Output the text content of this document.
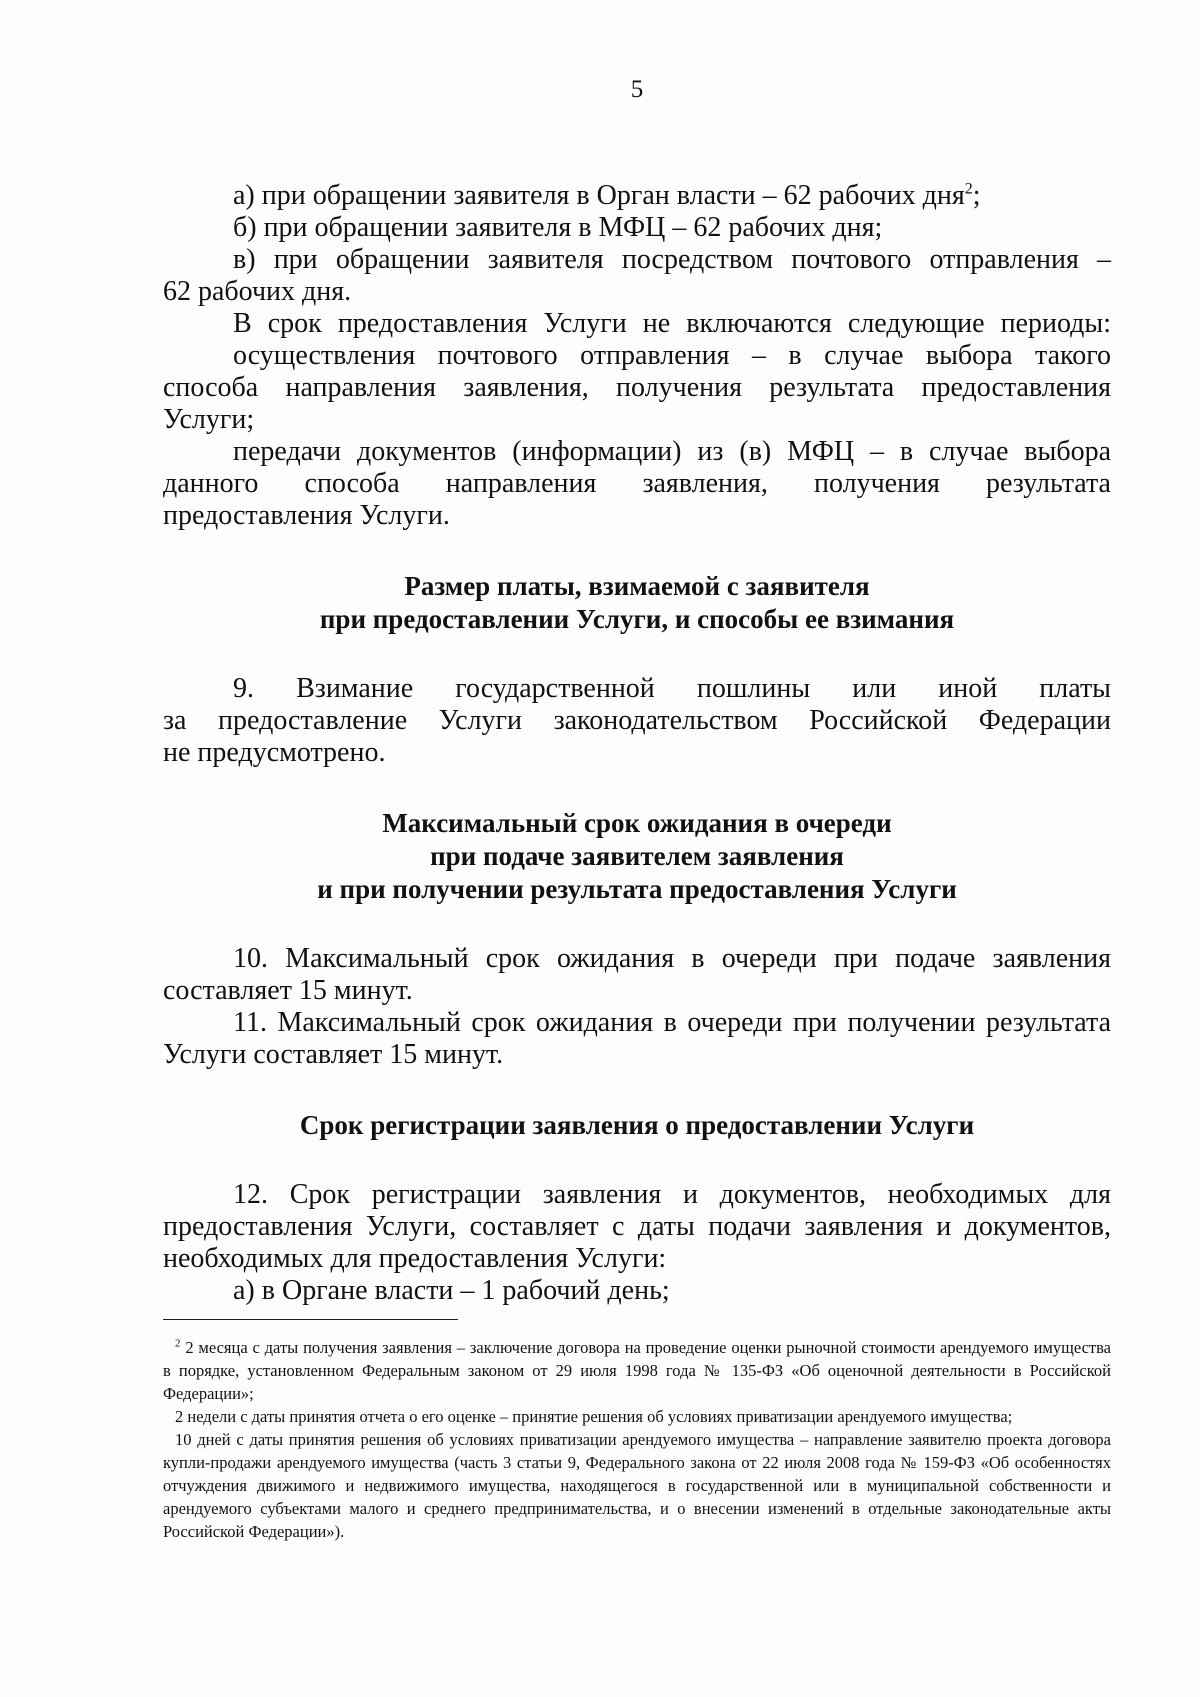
5
а) при обращении заявителя в Орган власти – 62 рабочих дня$^2$;
б) при обращении заявителя в МФЦ – 62 рабочих дня;
в) при обращении заявителя посредством почтового отправления –
62 рабочих дня.
В срок предоставления Услуги не включаются следующие периоды:
осуществления почтового отправления – в случае выбора такого
способа направления заявления, получения результата предоставления
Услуги;
передачи документов (информации) из (в) МФЦ – в случае выбора
данного способа направления заявления, получения результата
предоставления Услуги.
Размер платы, взимаемой с заявителя
при предоставлении Услуги, и способы ее взимания
9. Взимание государственной пошлины или иной платы
за предоставление Услуги законодательством Российской Федерации
не предусмотрено.
Максимальный срок ожидания в очереди
при подаче заявителем заявления
и при получении результата предоставления Услуги
10. Максимальный срок ожидания в очереди при подаче заявления
составляет 15 минут.
11. Максимальный срок ожидания в очереди при получении результата
Услуги составляет 15 минут.
Срок регистрации заявления о предоставлении Услуги
12. Срок регистрации заявления и документов, необходимых для
предоставления Услуги, составляет с даты подачи заявления и документов,
необходимых для предоставления Услуги:
а) в Органе власти – 1 рабочий день;

$^2$ 2 месяца с даты получения заявления – заключение договора на проведение оценки рыночной стоимости арендуемого имущества в порядке, установленном Федеральным законом от 29 июля 1998 года № 135-ФЗ «Об оценочной деятельности в Российской Федерации»;

2 недели с даты принятия отчета о его оценке – принятие решения об условиях приватизации арендуемого имущества;

10 дней с даты принятия решения об условиях приватизации арендуемого имущества – направление заявителю проекта договора купли-продажи арендуемого имущества (часть 3 статьи 9, Федерального закона от 22 июля 2008 года № 159-ФЗ «Об особенностях отчуждения движимого и недвижимого имущества, находящегося в государственной или в муниципальной собственности и арендуемого субъектами малого и среднего предпринимательства, и о внесении изменений в отдельные законодательные акты Российской Федерации»).
